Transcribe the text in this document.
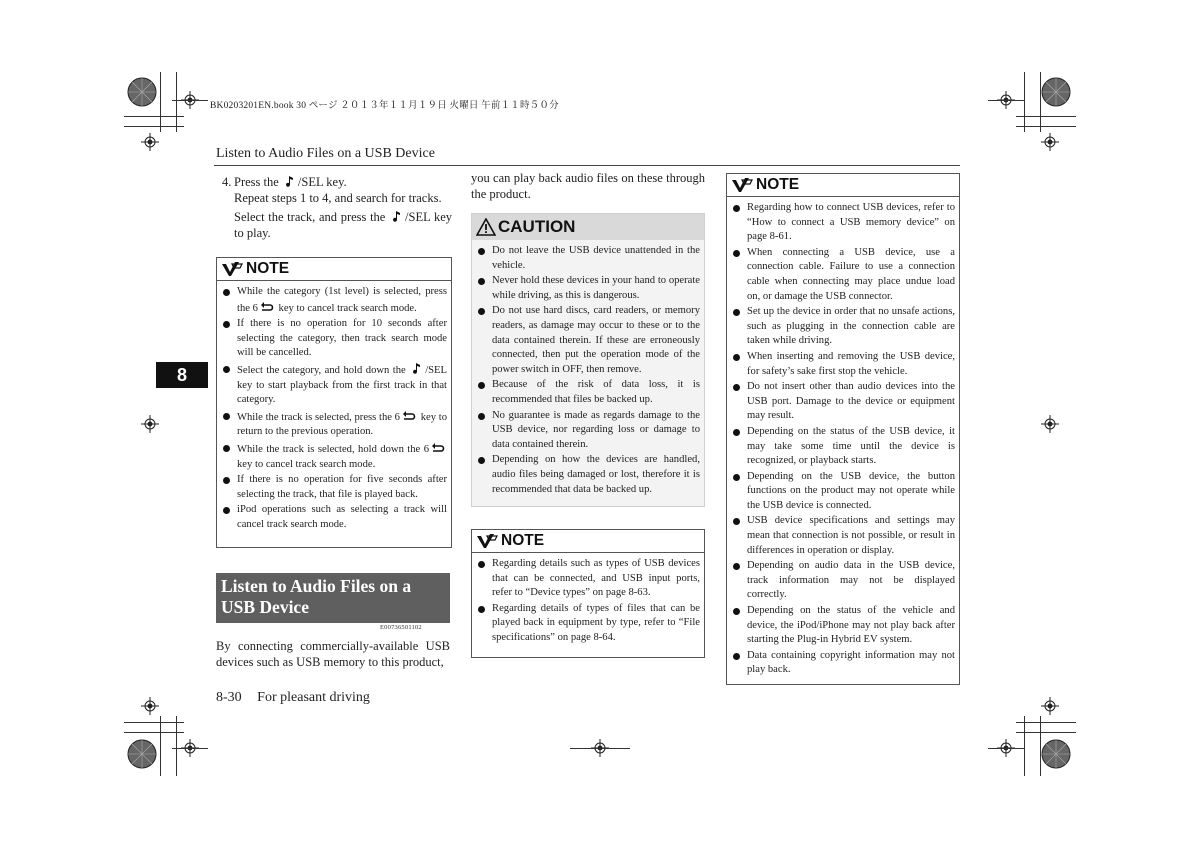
BK0203201EN.book 30 ページ ２０１３年１１月１９日 火曜日 午前１１時５０分
Listen to Audio Files on a USB Device
8
4. Press the /SEL key.
Repeat steps 1 to 4, and search for tracks.
Select the track, and press the /SEL key to play.
NOTE
While the category (1st level) is selected, press the 6 key to cancel track search mode.
If there is no operation for 10 seconds after selecting the category, then track search mode will be cancelled.
Select the category, and hold down the /SEL key to start playback from the first track in that category.
While the track is selected, press the 6 key to return to the previous operation.
While the track is selected, hold down the 6 key to cancel track search mode.
If there is no operation for five seconds after selecting the track, that file is played back.
iPod operations such as selecting a track will cancel track search mode.
Listen to Audio Files on a USB Device
E00736501102
By connecting commercially-available USB devices such as USB memory to this product,
you can play back audio files on these through the product.
CAUTION
Do not leave the USB device unattended in the vehicle.
Never hold these devices in your hand to operate while driving, as this is dangerous.
Do not use hard discs, card readers, or memory readers, as damage may occur to these or to the data contained therein. If these are erroneously connected, then put the operation mode of the power switch in OFF, then remove.
Because of the risk of data loss, it is recommended that files be backed up.
No guarantee is made as regards damage to the USB device, nor regarding loss or damage to data contained therein.
Depending on how the devices are handled, audio files being damaged or lost, therefore it is recommended that data be backed up.
NOTE
Regarding details such as types of USB devices that can be connected, and USB input ports, refer to “Device types” on page 8-63.
Regarding details of types of files that can be played back in equipment by type, refer to “File specifications” on page 8-64.
NOTE
Regarding how to connect USB devices, refer to “How to connect a USB memory device” on page 8-61.
When connecting a USB device, use a connection cable. Failure to use a connection cable when connecting may place undue load on, or damage the USB connector.
Set up the device in order that no unsafe actions, such as plugging in the connection cable are taken while driving.
When inserting and removing the USB device, for safety’s sake first stop the vehicle.
Do not insert other than audio devices into the USB port. Damage to the device or equipment may result.
Depending on the status of the USB device, it may take some time until the device is recognized, or playback starts.
Depending on the USB device, the button functions on the product may not operate while the USB device is connected.
USB device specifications and settings may mean that connection is not possible, or result in differences in operation or display.
Depending on audio data in the USB device, track information may not be displayed correctly.
Depending on the status of the vehicle and device, the iPod/iPhone may not play back after starting the Plug-in Hybrid EV system.
Data containing copyright information may not play back.
8-30 For pleasant driving
